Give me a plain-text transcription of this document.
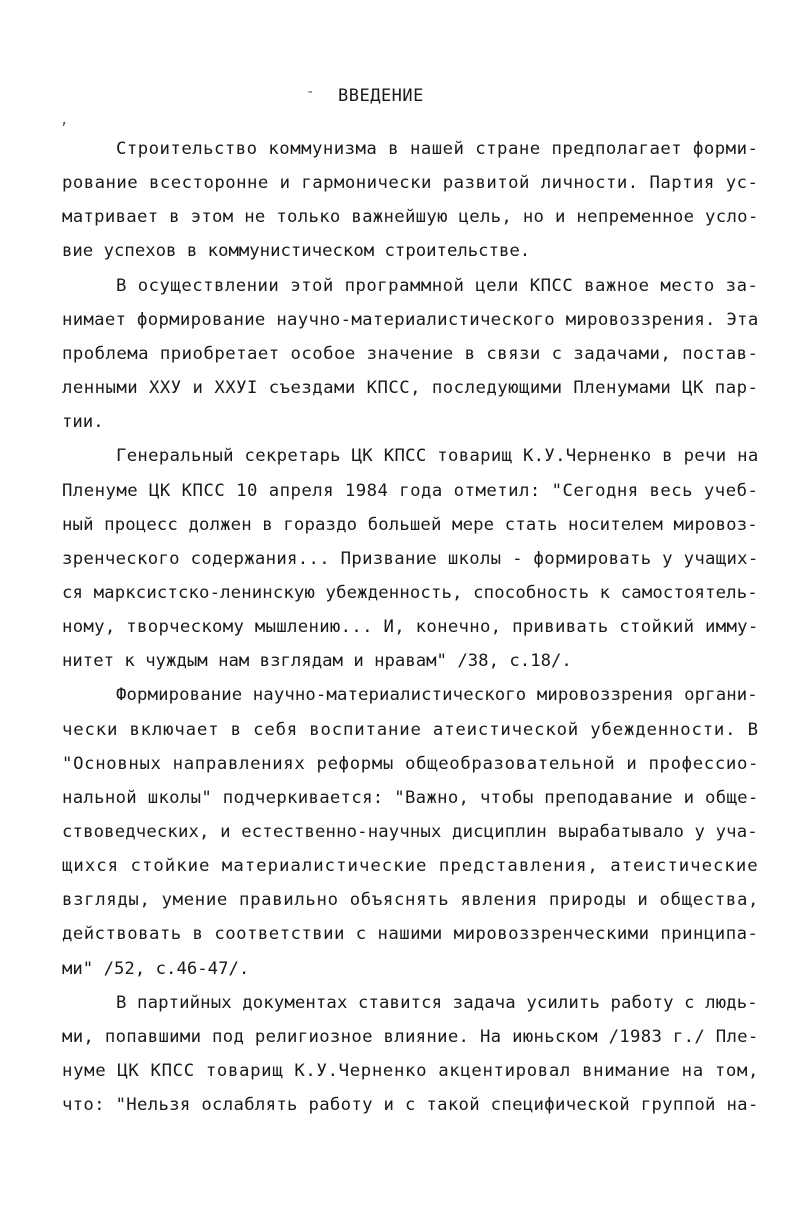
-
,
ВВЕДЕНИЕ
Строительство коммунизма в нашей стране предполагает форми-
рование всесторонне и гармонически развитой личности. Партия ус-
матривает в этом не только важнейшую цель, но и непременное усло-
вие успехов в коммунистическом строительстве.
В осуществлении этой программной цели КПСС важное место за-
нимает формирование научно-материалистического мировоззрения. Эта
проблема приобретает особое значение в связи с задачами, постав-
ленными ХХУ и ХХУI съездами КПСС, последующими Пленумами ЦК пар-
тии.
Генеральный секретарь ЦК КПСС товарищ К.У.Черненко в речи на
Пленуме ЦК КПСС 10 апреля 1984 года отметил: "Сегодня весь учеб-
ный процесс должен в гораздо большей мере стать носителем мировоз-
зренческого содержания... Призвание школы - формировать у учащих-
ся марксистско-ленинскую убежденность, способность к самостоятель-
ному, творческому мышлению... И, конечно, прививать стойкий имму-
нитет к чуждым нам взглядам и нравам" /38, с.18/.
Формирование научно-материалистического мировоззрения органи-
чески включает в себя воспитание атеистической убежденности. В
"Основных направлениях реформы общеобразовательной и профессио-
нальной школы" подчеркивается: "Важно, чтобы преподавание и обще-
ствоведческих, и естественно-научных дисциплин вырабатывало у уча-
щихся стойкие материалистические представления, атеистические
взгляды, умение правильно объяснять явления природы и общества,
действовать в соответствии с нашими мировоззренческими принципа-
ми" /52, с.46-47/.
В партийных документах ставится задача усилить работу с людь-
ми, попавшими под религиозное влияние. На июньском /1983 г./ Пле-
нуме ЦК КПСС товарищ К.У.Черненко акцентировал внимание на том,
что: "Нельзя ослаблять работу и с такой специфической группой на-
